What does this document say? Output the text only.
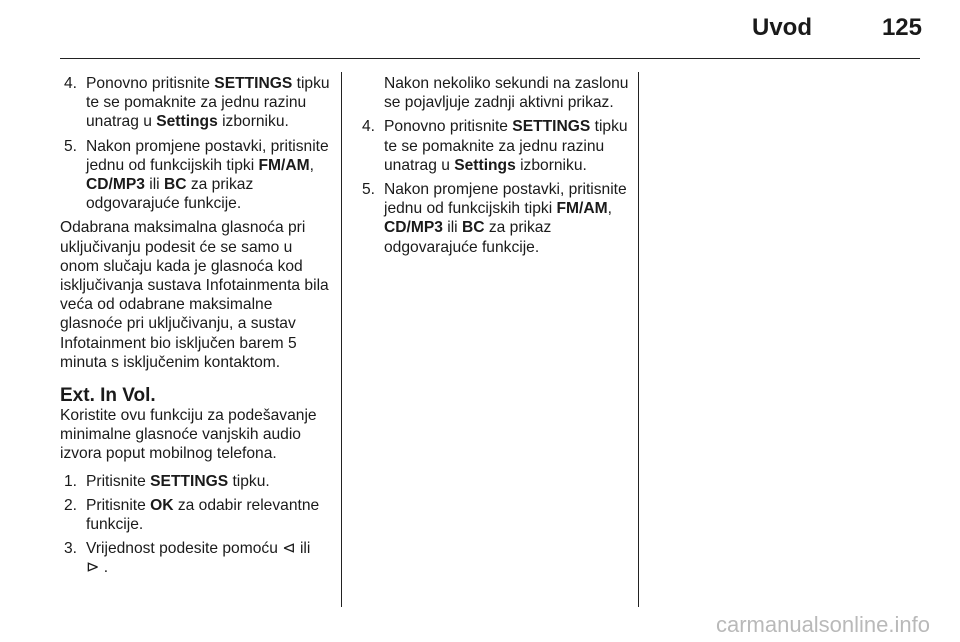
Uvod	125
4. Ponovno pritisnite SETTINGS tipku te se pomaknite za jednu razinu unatrag u Settings izborniku.
5. Nakon promjene postavki, pritisnite jednu od funkcijskih tipki FM/AM, CD/MP3 ili BC za prikaz odgovarajuće funkcije.

Odabrana maksimalna glasnoća pri uključivanju podesit će se samo u onom slučaju kada je glasnoća kod isključivanja sustava Infotainmenta bila veća od odabrane maksimalne glasnoće pri uključivanju, a sustav Infotainment bio isključen barem 5 minuta s isključenim kontaktom.

Ext. In Vol.
Koristite ovu funkciju za podešavanje minimalne glasnoće vanjskih audio izvora poput mobilnog telefona.
1. Pritisnite SETTINGS tipku.
2. Pritisnite OK za odabir relevantne funkcije.
3. Vrijednost podesite pomoću ⊲ ili
⊳ .
Nakon nekoliko sekundi na zaslonu se pojavljuje zadnji aktivni prikaz.
4. Ponovno pritisnite SETTINGS tipku te se pomaknite za jednu razinu unatrag u Settings izborniku.
5. Nakon promjene postavki, pritisnite jednu od funkcijskih tipki FM/AM, CD/MP3 ili BC za prikaz odgovarajuće funkcije.
carmanualsonline.info
